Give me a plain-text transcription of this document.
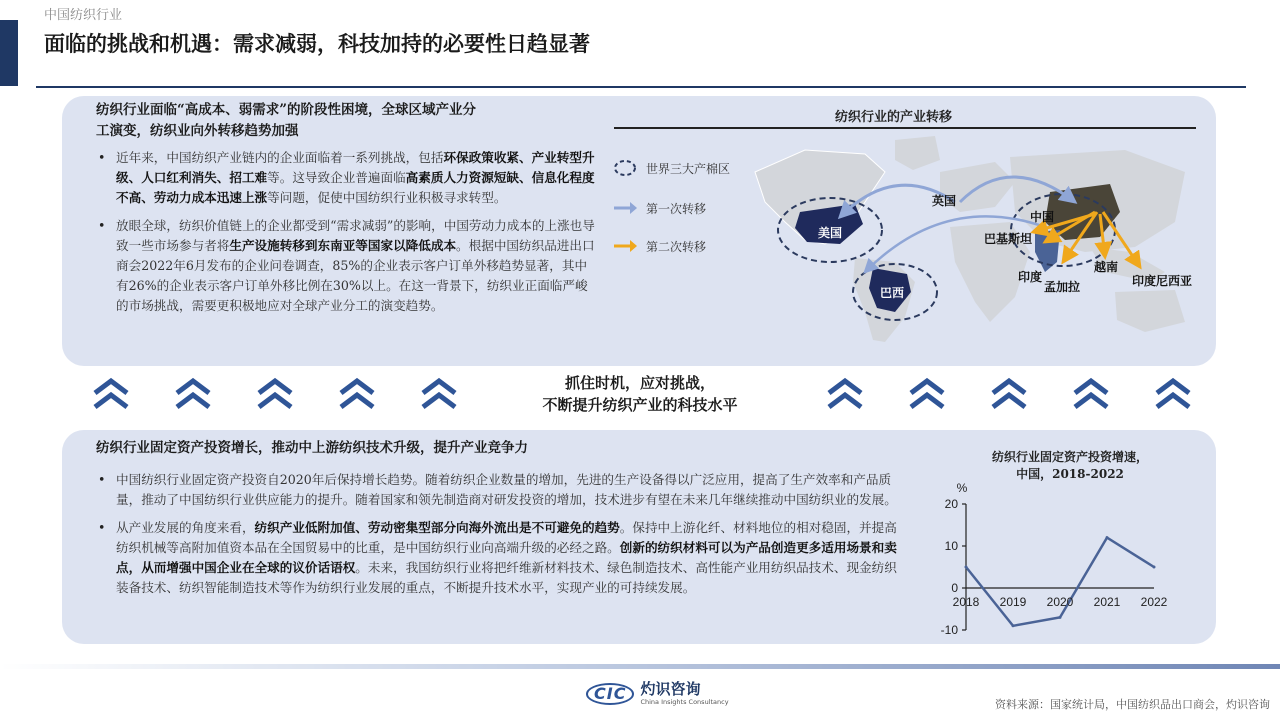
中国纺织行业
面临的挑战和机遇：需求减弱，科技加持的必要性日趋显著
纺织行业面临“高成本、弱需求”的阶段性困境，全球区域产业分
工演变，纺织业向外转移趋势加强
• 近年来，中国纺织产业链内的企业面临着一系列挑战，包括环保政策收紧、产业转型升级、人口红利消失、招工难等。这导致企业普遍面临高素质人力资源短缺、信息化程度不高、劳动力成本迅速上涨等问题，促使中国纺织行业积极寻求转型。
• 放眼全球，纺织价值链上的企业都受到“需求减弱”的影响，中国劳动力成本的上涨也导致一些市场参与者将生产设施转移到东南亚等国家以降低成本。根据中国纺织品进出口商会2022年6月发布的企业问卷调查，85%的企业表示客户订单外移趋势显著，其中有26%的企业表示客户订单外移比例在30%以上。在这一背景下，纺织业正面临严峻的市场挑战，需要更积极地应对全球产业分工的演变趋势。
纺织行业的产业转移
世界三大产棉区
第一次转移
第二次转移
美国
英国
中国
巴基斯坦
巴西
印度
孟加拉
越南
印度尼西亚
抓住时机，应对挑战，
不断提升纺织产业的科技水平
纺织行业固定资产投资增长，推动中上游纺织技术升级，提升产业竞争力
• 中国纺织行业固定资产投资自2020年后保持增长趋势。随着纺织企业数量的增加，先进的生产设备得以广泛应用，提高了生产效率和产品质量，推动了中国纺织行业供应能力的提升。随着国家和领先制造商对研发投资的增加，技术进步有望在未来几年继续推动中国纺织业的发展。
• 从产业发展的角度来看，纺织产业低附加值、劳动密集型部分向海外流出是不可避免的趋势。保持中上游化纤、材料地位的相对稳固，并提高纺织机械等高附加值资本品在全国贸易中的比重，是中国纺织行业向高端升级的必经之路。创新的纺织材料可以为产品创造更多适用场景和卖点，从而增强中国企业在全球的议价话语权。未来，我国纺织行业将把纤维新材料技术、绿色制造技术、高性能产业用纺织品技术、现金纺织装备技术、纺织智能制造技术等作为纺织行业发展的重点，不断提升技术水平，实现产业的可持续发展。
纺织行业固定资产投资增速，
中国，2018-2022
%
20
10
0
-10
2018 2019 2020 2021 2022
CIC 灼识咨询
China Insights Consultancy	资料来源：国家统计局，中国纺织品出口商会，灼识咨询
